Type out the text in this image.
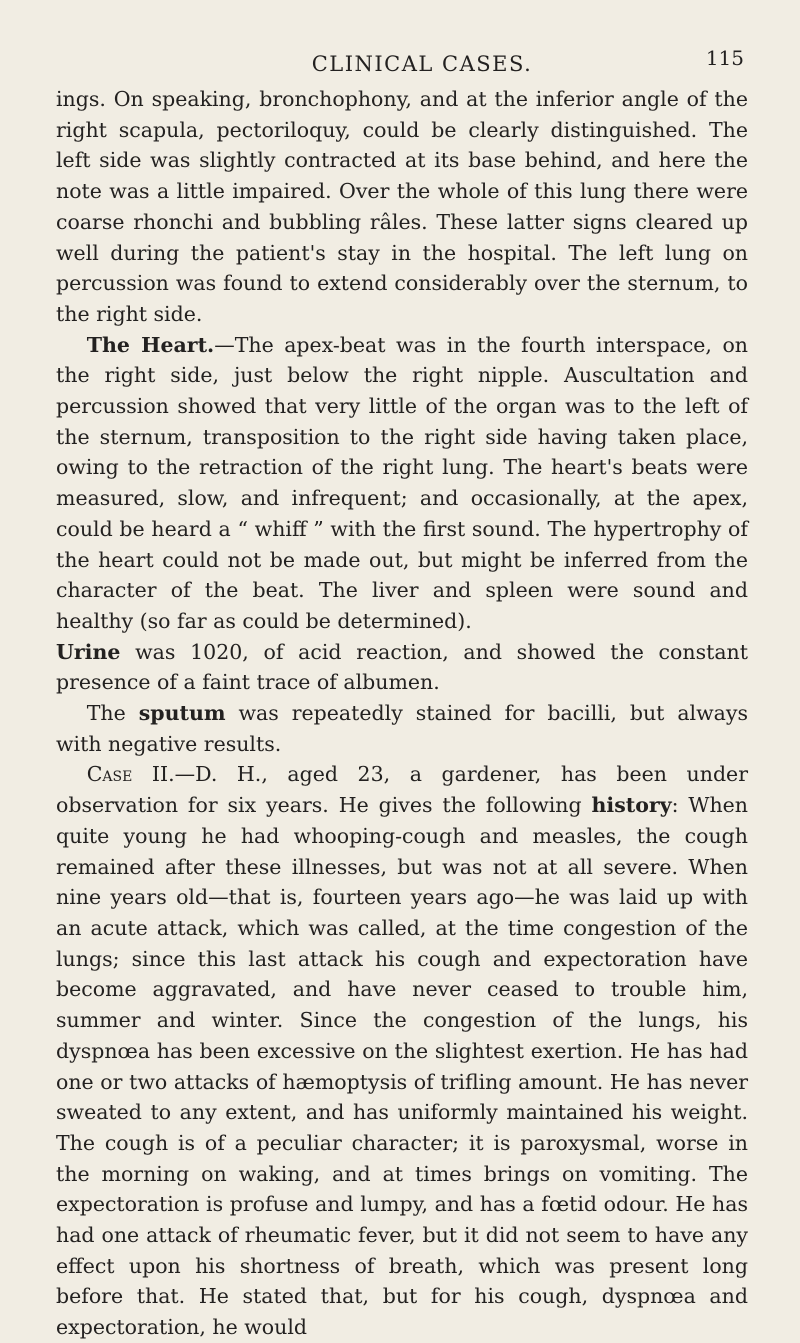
CLINICAL CASES.	115

ings. On speaking, bronchophony, and at the inferior angle of the right scapula, pectoriloquy, could be clearly distinguished. The left side was slightly contracted at its base behind, and here the note was a little impaired. Over the whole of this lung there were coarse rhonchi and bubbling râles. These latter signs cleared up well during the patient's stay in the hospital. The left lung on percussion was found to extend considerably over the sternum, to the right side.

The Heart.—The apex-beat was in the fourth interspace, on the right side, just below the right nipple. Auscultation and percussion showed that very little of the organ was to the left of the sternum, transposition to the right side having taken place, owing to the retraction of the right lung. The heart's beats were measured, slow, and infrequent; and occasionally, at the apex, could be heard a “ whiff ” with the first sound. The hypertrophy of the heart could not be made out, but might be inferred from the character of the beat. The liver and spleen were sound and healthy (so far as could be determined).

Urine was 1020, of acid reaction, and showed the constant presence of a faint trace of albumen.

The sputum was repeatedly stained for bacilli, but always with negative results.

Case II.—D. H., aged 23, a gardener, has been under observation for six years. He gives the following history: When quite young he had whooping-cough and measles, the cough remained after these illnesses, but was not at all severe. When nine years old—that is, fourteen years ago—he was laid up with an acute attack, which was called, at the time congestion of the lungs; since this last attack his cough and expectoration have become aggravated, and have never ceased to trouble him, summer and winter. Since the congestion of the lungs, his dyspnœa has been excessive on the slightest exertion. He has had one or two attacks of hæmoptysis of trifling amount. He has never sweated to any extent, and has uniformly maintained his weight. The cough is of a peculiar character; it is paroxysmal, worse in the morning on waking, and at times brings on vomiting. The expectoration is profuse and lumpy, and has a fœtid odour. He has had one attack of rheumatic fever, but it did not seem to have any effect upon his shortness of breath, which was present long before that. He stated that, but for his cough, dyspnœa and expectoration, he would
